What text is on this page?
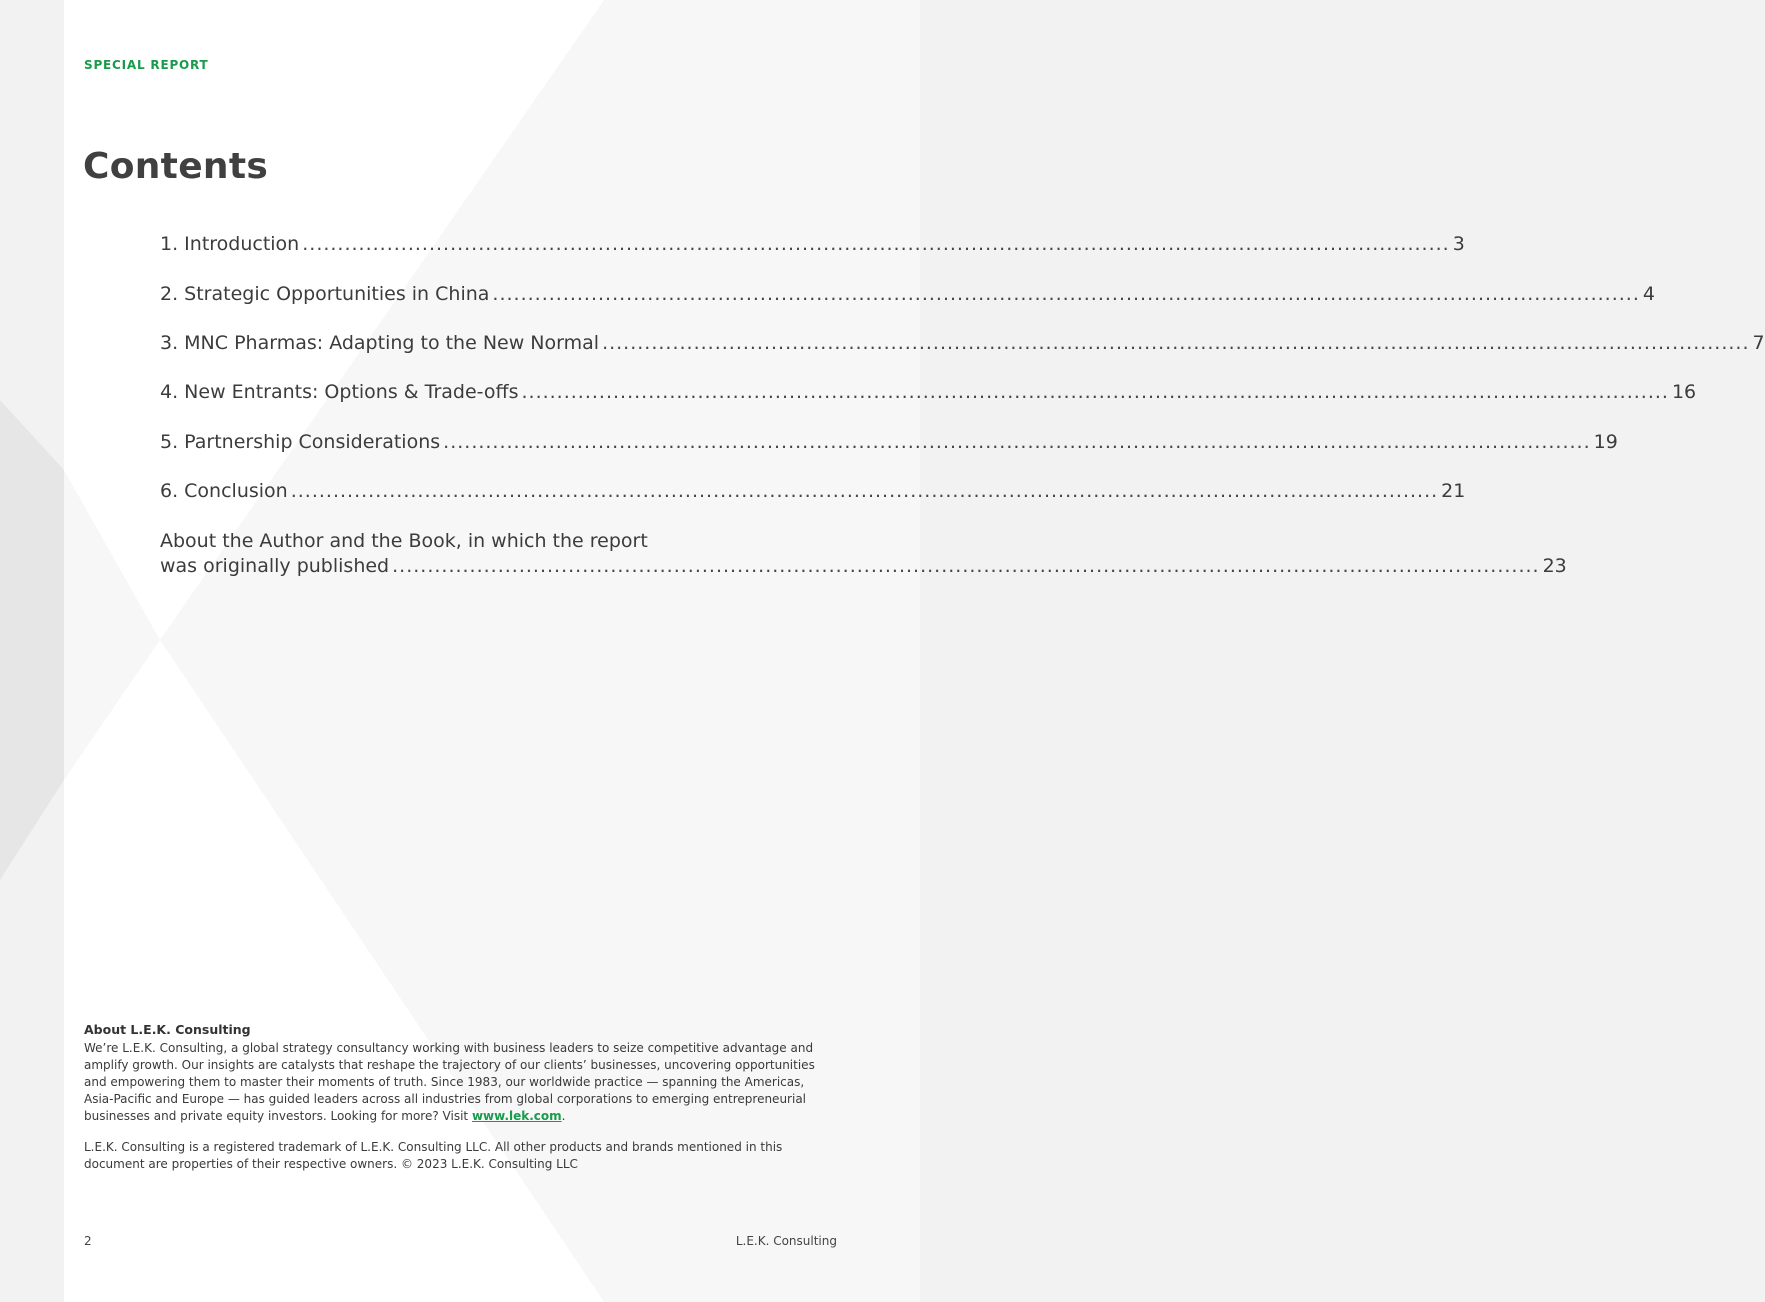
SPECIAL REPORT
Contents
1. Introduction ................................................................................................................................................................... 3
2. Strategic Opportunities in China ................................................................................................................................................................... 4
3. MNC Pharmas: Adapting to the New Normal ................................................................................................................................................................... 7
4. New Entrants: Options & Trade-offs ................................................................................................................................................................... 16
5. Partnership Considerations ................................................................................................................................................................... 19
6. Conclusion ................................................................................................................................................................... 21
About the Author and the Book, in which the report
was originally published ................................................................................................................................................................... 23
About L.E.K. Consulting
We’re L.E.K. Consulting, a global strategy consultancy working with business leaders to seize competitive advantage and amplify growth. Our insights are catalysts that reshape the trajectory of our clients’ businesses, uncovering opportunities and empowering them to master their moments of truth. Since 1983, our worldwide practice — spanning the Americas, Asia-Pacific and Europe — has guided leaders across all industries from global corporations to emerging entrepreneurial businesses and private equity investors. Looking for more? Visit www.lek.com.
L.E.K. Consulting is a registered trademark of L.E.K. Consulting LLC. All other products and brands mentioned in this document are properties of their respective owners. © 2023 L.E.K. Consulting LLC
2	L.E.K. Consulting
